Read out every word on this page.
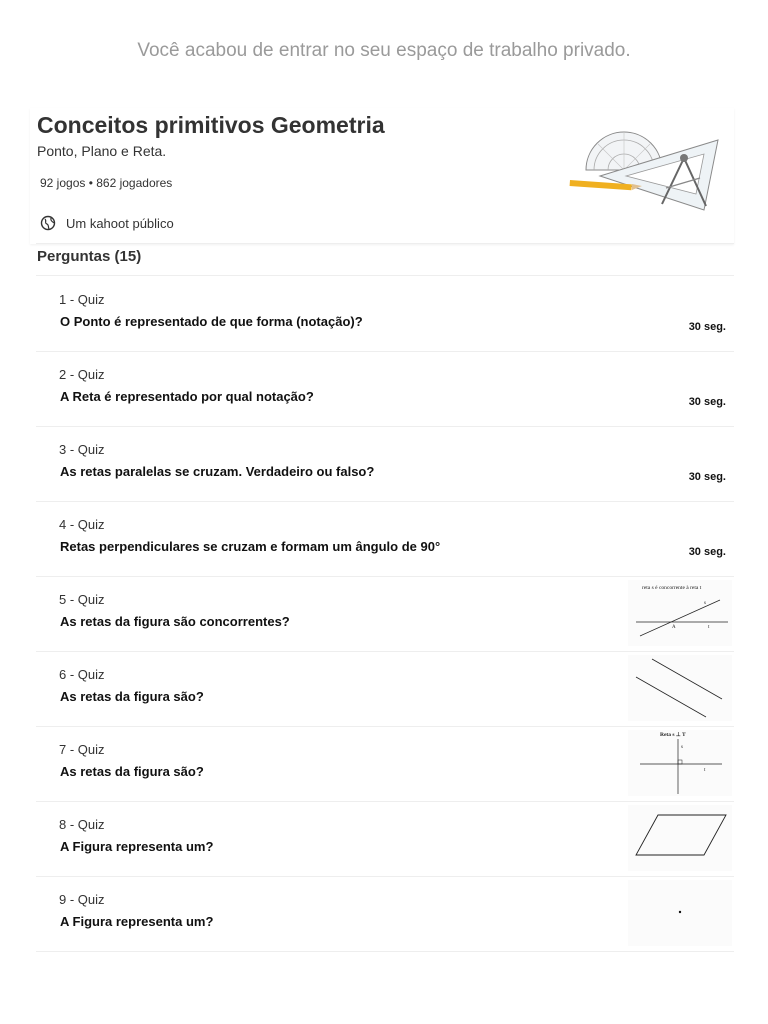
Você acabou de entrar no seu espaço de trabalho privado.
Conceitos primitivos Geometria
Ponto, Plano e Reta.
92 jogos • 862 jogadores
Um kahoot público
Perguntas (15)
1 - Quiz
O Ponto é representado de que forma (notação)?	30 seg.
2 - Quiz
A Reta é representado por qual notação?	30 seg.
3 - Quiz
As retas paralelas se cruzam. Verdadeiro ou falso?	30 seg.
4 - Quiz
Retas perpendiculares se cruzam e formam um ângulo de 90°	30 seg.
5 - Quiz
As retas da figura são concorrentes?
reta s é concorrente à reta t
s
A	t
6 - Quiz
As retas da figura são?
7 - Quiz
As retas da figura são?
Reta s ⊥ T
s
t
8 - Quiz
A Figura representa um?
9 - Quiz
A Figura representa um?
